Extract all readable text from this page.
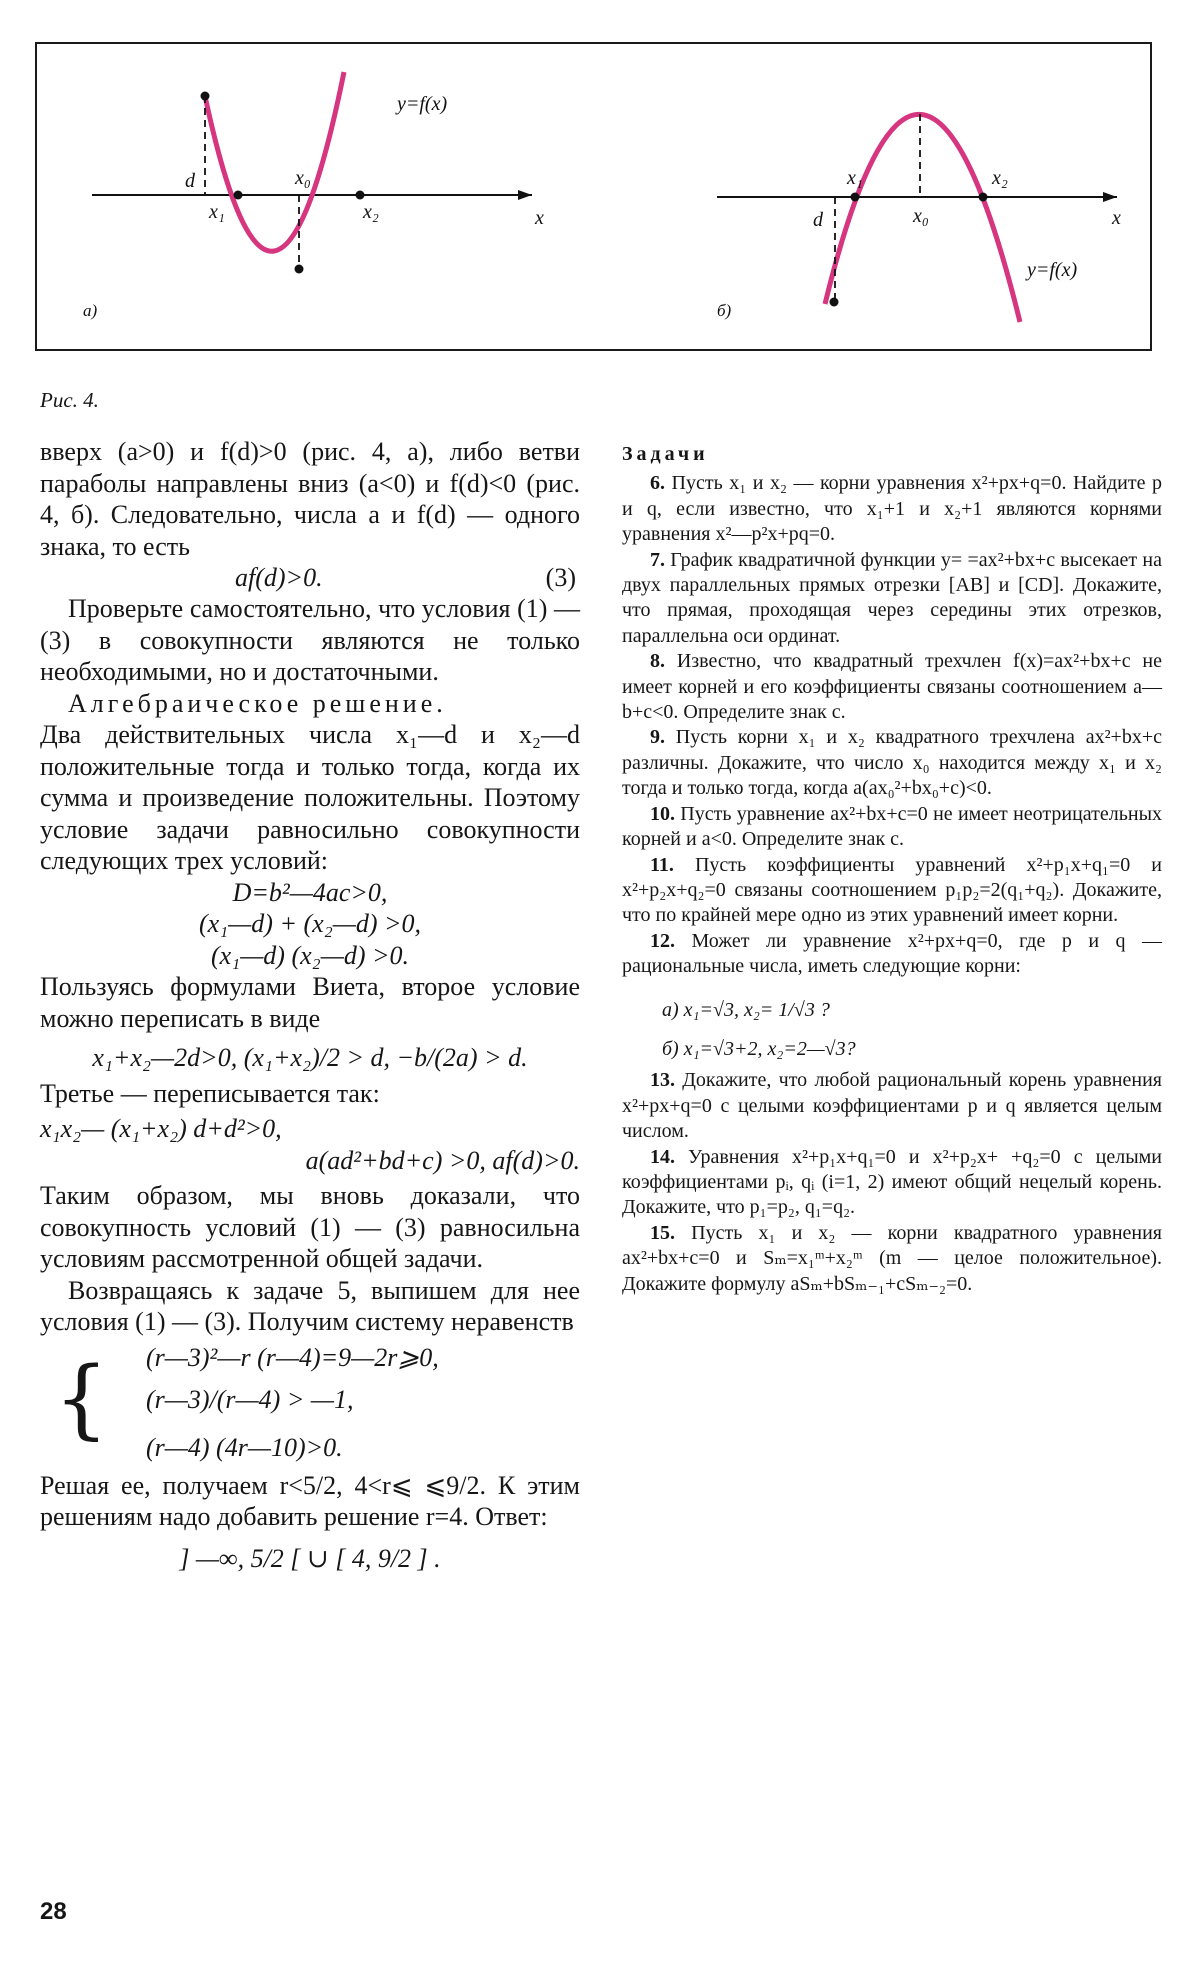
y=f(x)
d
x₁
x₀
x₂	x
а)
x₁	x₂
x₀
d	x
y=f(x)
б)
Рис. 4.

вверх (a>0) и f(d)>0 (рис. 4, а), либо ветви параболы направлены вниз (a<0) и f(d)<0 (рис. 4, б). Следовательно, числа a и f(d) — одного знака, то есть

af(d)>0.	(3)

Проверьте самостоятельно, что условия (1) — (3) в совокупности являются не только необходимыми, но и достаточными.

Алгебраическое решение.

Два действительных числа x₁—d и x₂—d положительные тогда и только тогда, когда их сумма и произведение положительны. Поэтому условие задачи равносильно совокупности следующих трех условий:

D=b²—4ac>0,

(x₁—d) + (x₂—d) >0,

(x₁—d) (x₂—d) >0.

Пользуясь формулами Виета, второе условие можно переписать в виде

x₁+x₂—2d>0, (x₁+x₂)/2 > d, −b/(2a) > d.

Третье — переписывается так:

x₁x₂— (x₁+x₂) d+d²>0,

a(ad²+bd+c) >0, af(d)>0.

Таким образом, мы вновь доказали, что совокупность условий (1) — (3) равносильна условиям рассмотренной общей задачи.

Возвращаясь к задаче 5, выпишем для нее условия (1) — (3). Получим систему неравенств

{ (r—3)²—r (r—4)=9—2r⩾0,

(r—3)/(r—4) > —1,

(r—4) (4r—10)>0.

Решая ее, получаем r<5/2, 4<r⩽ ⩽9/2. К этим решениям надо добавить решение r=4. Ответ:

] —∞, 5/2 [ ∪ [ 4, 9/2 ] .

Задачи

6. Пусть x₁ и x₂ — корни уравнения x²+px+q=0. Найдите p и q, если известно, что x₁+1 и x₂+1 являются корнями уравнения x²—p²x+pq=0.

7. График квадратичной функции y= =ax²+bx+c высекает на двух параллельных прямых отрезки [AB] и [CD]. Докажите, что прямая, проходящая через середины этих отрезков, параллельна оси ординат.

8. Известно, что квадратный трехчлен f(x)=ax²+bx+c не имеет корней и его коэффициенты связаны соотношением a—b+c<0. Определите знак c.

9. Пусть корни x₁ и x₂ квадратного трехчлена ax²+bx+c различны. Докажите, что число x₀ находится между x₁ и x₂ тогда и только тогда, когда a(ax₀²+bx₀+c)<0.

10. Пусть уравнение ax²+bx+c=0 не имеет неотрицательных корней и a<0. Определите знак c.

11. Пусть коэффициенты уравнений x²+p₁x+q₁=0 и x²+p₂x+q₂=0 связаны соотношением p₁p₂=2(q₁+q₂). Докажите, что по крайней мере одно из этих уравнений имеет корни.

12. Может ли уравнение x²+px+q=0, где p и q — рациональные числа, иметь следующие корни:

а) x₁=√3, x₂= 1/√3 ?

б) x₁=√3+2, x₂=2—√3?

13. Докажите, что любой рациональный корень уравнения x²+px+q=0 с целыми коэффициентами p и q является целым числом.

14. Уравнения x²+p₁x+q₁=0 и x²+p₂x+ +q₂=0 с целыми коэффициентами pᵢ, qᵢ (i=1, 2) имеют общий нецелый корень. Докажите, что p₁=p₂, q₁=q₂.

15. Пусть x₁ и x₂ — корни квадратного уравнения ax²+bx+c=0 и Sₘ=x₁ᵐ+x₂ᵐ (m — целое положительное). Докажите формулу aSₘ+bSₘ₋₁+cSₘ₋₂=0.

28
